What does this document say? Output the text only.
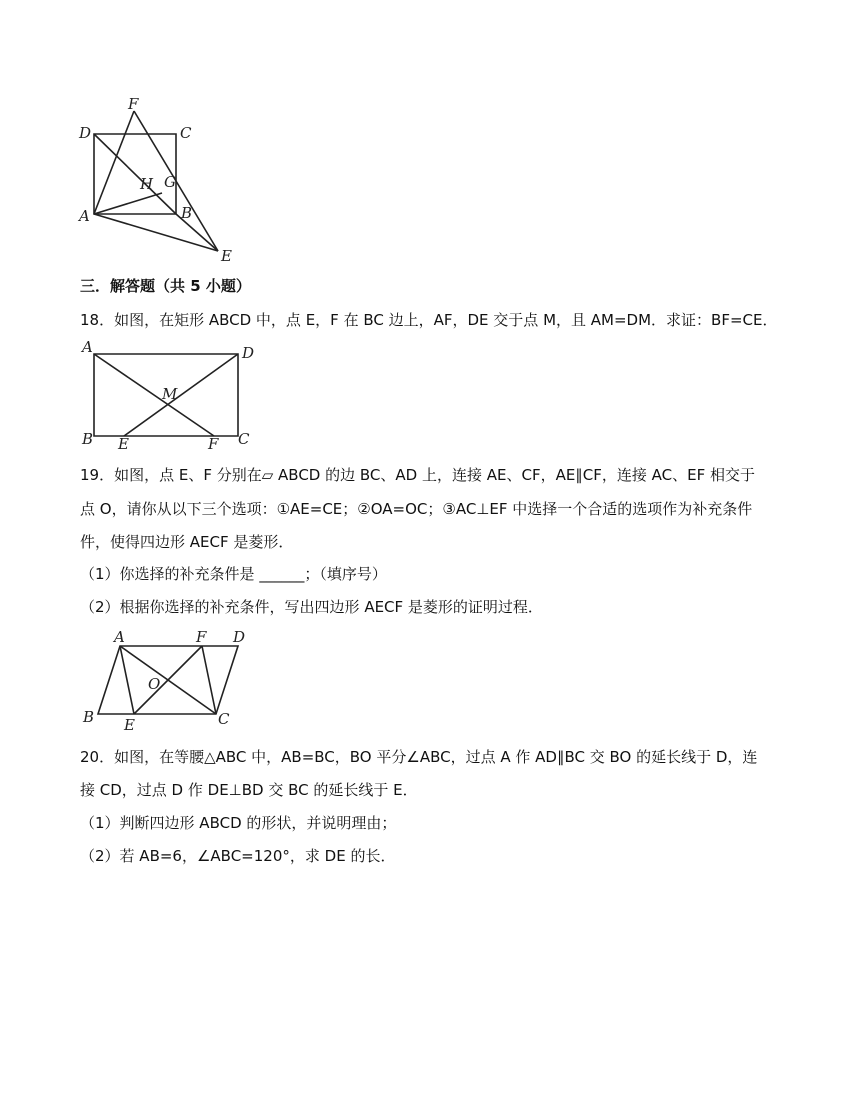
F
D	C
H G
A	B
E
三．解答题（共 5 小题）
18．如图，在矩形 ABCD 中，点 E，F 在 BC 边上，AF，DE 交于点 M，且 AM=DM．求证：BF=CE．
A	D
M
B E	F C
19．如图，点 E、F 分别在▱ ABCD 的边 BC、AD 上，连接 AE、CF，AE∥CF，连接 AC、EF 相交于
点 O，请你从以下三个选项：①AE=CE；②OA=OC；③AC⊥EF 中选择一个合适的选项作为补充条件
件，使得四边形 AECF 是菱形．
（1）你选择的补充条件是 ______；（填序号）
（2）根据你选择的补充条件，写出四边形 AECF 是菱形的证明过程．
A	F D
O
B E	C
20．如图，在等腰△ABC 中，AB=BC，BO 平分∠ABC，过点 A 作 AD∥BC 交 BO 的延长线于 D，连
接 CD，过点 D 作 DE⊥BD 交 BC 的延长线于 E．
（1）判断四边形 ABCD 的形状，并说明理由；
（2）若 AB=6，∠ABC=120°，求 DE 的长．
